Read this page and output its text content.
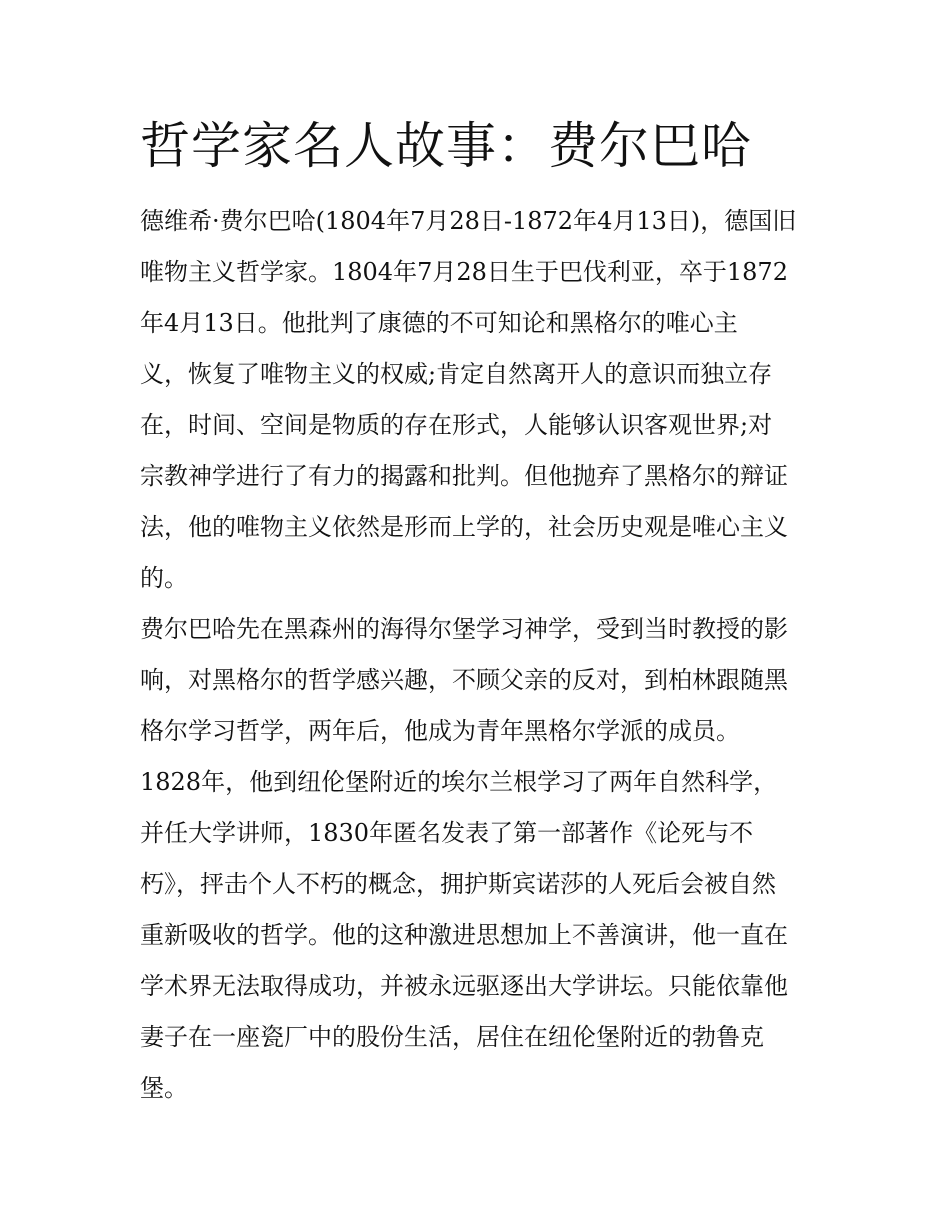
哲学家名人故事：费尔巴哈
德维希·费尔巴哈(1804年7月28日-1872年4月13日)，德国旧
唯物主义哲学家。1804年7月28日生于巴伐利亚，卒于1872
年4月13日。他批判了康德的不可知论和黑格尔的唯心主
义，恢复了唯物主义的权威;肯定自然离开人的意识而独立存
在，时间、空间是物质的存在形式，人能够认识客观世界;对
宗教神学进行了有力的揭露和批判。但他抛弃了黑格尔的辩证
法，他的唯物主义依然是形而上学的，社会历史观是唯心主义
的。
费尔巴哈先在黑森州的海得尔堡学习神学，受到当时教授的影
响，对黑格尔的哲学感兴趣，不顾父亲的反对，到柏林跟随黑
格尔学习哲学，两年后，他成为青年黑格尔学派的成员。
1828年，他到纽伦堡附近的埃尔兰根学习了两年自然科学，
并任大学讲师，1830年匿名发表了第一部著作《论死与不
朽》，抨击个人不朽的概念，拥护斯宾诺莎的人死后会被自然
重新吸收的哲学。他的这种激进思想加上不善演讲，他一直在
学术界无法取得成功，并被永远驱逐出大学讲坛。只能依靠他
妻子在一座瓷厂中的股份生活，居住在纽伦堡附近的勃鲁克
堡。
